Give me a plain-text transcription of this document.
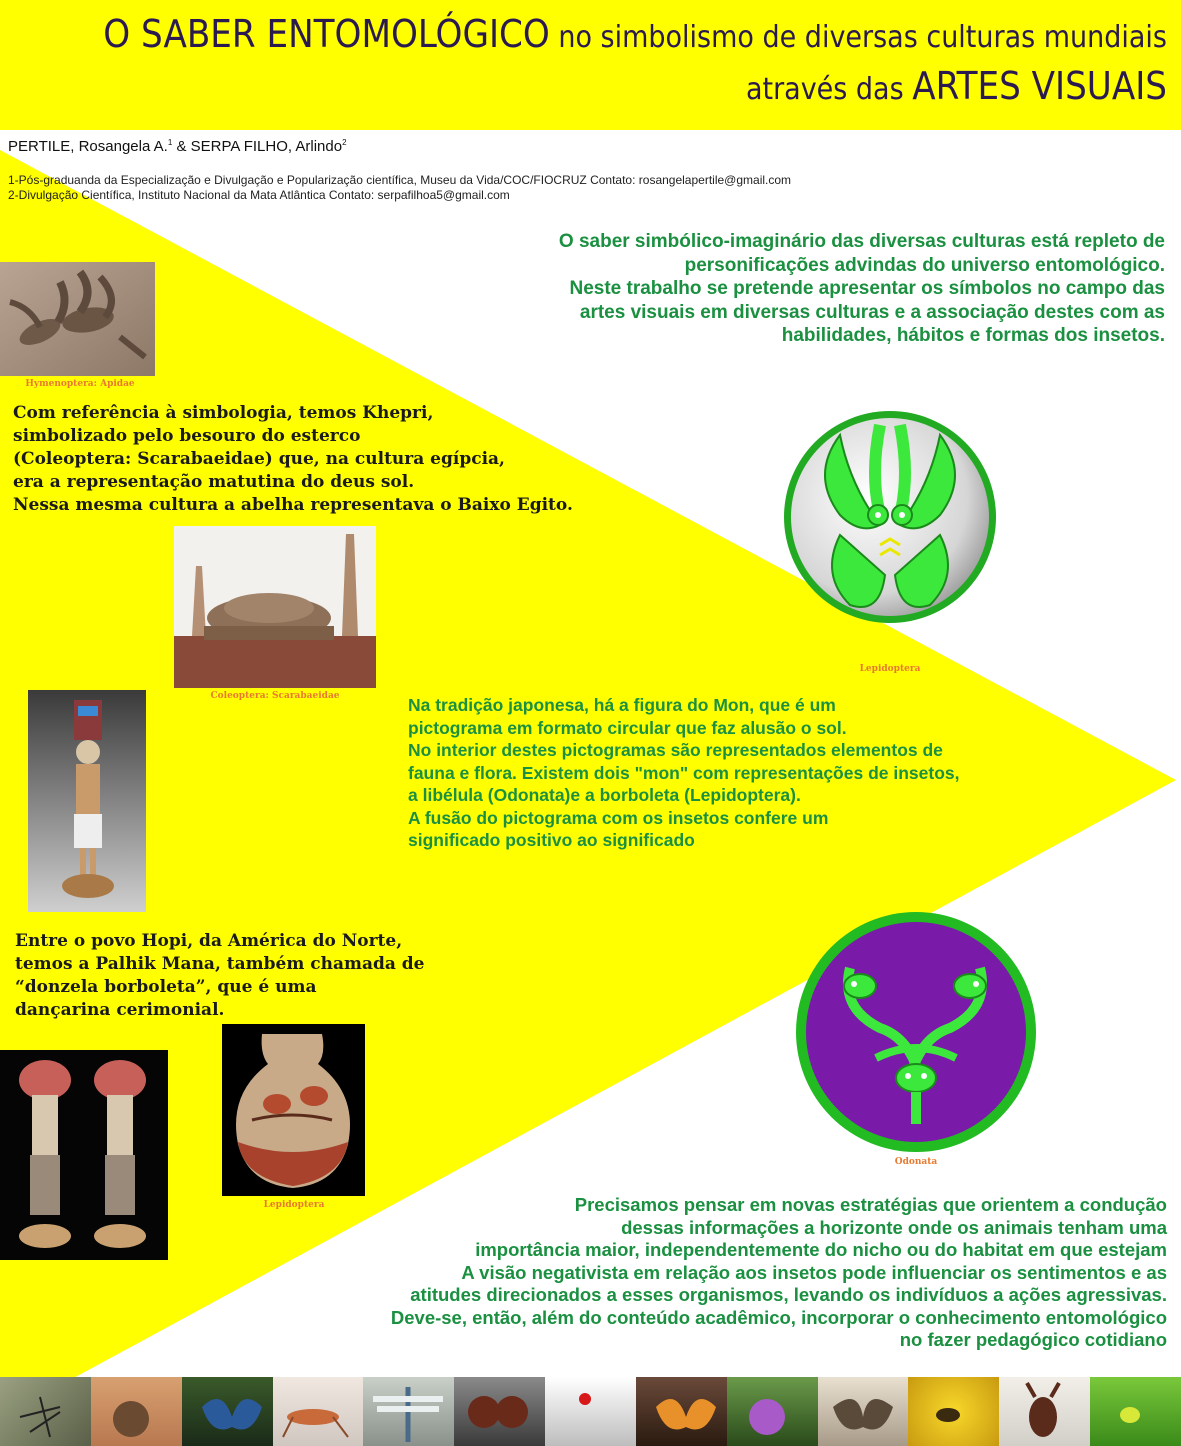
O SABER ENTOMOLÓGICO no simbolismo de diversas culturas mundiais
através das ARTES VISUAIS
PERTILE, Rosangela A.$^1$ & SERPA FILHO, Arlindo$^2$
1-Pós-graduanda da Especialização e Divulgação e Popularização científica, Museu da Vida/COC/FIOCRUZ Contato: rosangelapertile@gmail.com
2-Divulgação Científica, Instituto Nacional da Mata Atlântica Contato: serpafilhoa5@gmail.com
O saber simbólico-imaginário das diversas culturas está repleto de
personificações advindas do universo entomológico.
Neste trabalho se pretende apresentar os símbolos no campo das
artes visuais em diversas culturas e a associação destes com as
habilidades, hábitos e formas dos insetos.
Hymenoptera: Apidae
Com referência à simbologia, temos Khepri,
simbolizado pelo besouro do esterco
(Coleoptera: Scarabaeidae) que, na cultura egípcia,
era a representação matutina do deus sol.
Nessa mesma cultura a abelha representava o Baixo Egito.
Coleoptera: Scarabaeidae
Lepidoptera
Na tradição japonesa, há a figura do Mon, que é um
pictograma em formato circular que faz alusão o sol.
No interior destes pictogramas são representados elementos de
fauna e flora. Existem dois "mon" com representações de insetos,
a libélula (Odonata)e a borboleta (Lepidoptera).
A fusão do pictograma com os insetos confere um
significado positivo ao significado
Odonata
Entre o povo Hopi, da América do Norte,
temos a Palhik Mana, também chamada de
“donzela borboleta”, que é uma
dançarina cerimonial.
Lepidoptera	Precisamos pensar em novas estratégias que orientem a condução
dessas informações a horizonte onde os animais tenham uma
importância maior, independentemente do nicho ou do habitat em que estejam
A visão negativista em relação aos insetos pode influenciar os sentimentos e as
atitudes direcionados a esses organismos, levando os indivíduos a ações agressivas.
Deve-se, então, além do conteúdo acadêmico, incorporar o conhecimento entomológico
no fazer pedagógico cotidiano
